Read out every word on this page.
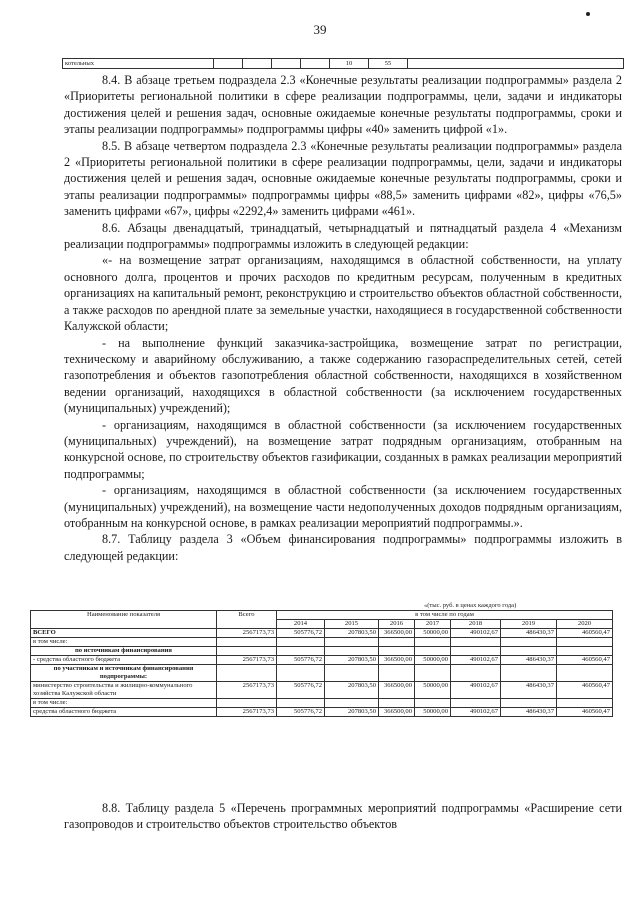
39
котельных					10	55	

8.4. В абзаце третьем подраздела 2.3 «Конечные результаты реализации подпрограммы» раздела 2 «Приоритеты региональной политики в сфере реализации подпрограммы, цели, задачи и индикаторы достижения целей и решения задач, основные ожидаемые конечные результаты подпрограммы, сроки и этапы реализации подпрограммы» подпрограммы цифры «40» заменить цифрой «1».

8.5. В абзаце четвертом подраздела 2.3 «Конечные результаты реализации подпрограммы» раздела 2 «Приоритеты региональной политики в сфере реализации подпрограммы, цели, задачи и индикаторы достижения целей и решения задач, основные ожидаемые конечные результаты подпрограммы, сроки и этапы реализации подпрограммы» подпрограммы цифры «88,5» заменить цифрами «82», цифры «76,5» заменить цифрами «67», цифры «2292,4» заменить цифрами «461».

8.6. Абзацы двенадцатый, тринадцатый, четырнадцатый и пятнадцатый раздела 4 «Механизм реализации подпрограммы» подпрограммы изложить в следующей редакции:

«- на возмещение затрат организациям, находящимся в областной собственности, на уплату основного долга, процентов и прочих расходов по кредитным ресурсам, полученным в кредитных организациях на капитальный ремонт, реконструкцию и строительство объектов областной собственности, а также расходов по арендной плате за земельные участки, находящиеся в государственной собственности Калужской области;

- на выполнение функций заказчика-застройщика, возмещение затрат по регистрации, техническому и аварийному обслуживанию, а также содержанию газораспределительных сетей, сетей газопотребления и объектов газопотребления областной собственности, находящихся в хозяйственном ведении организаций, находящихся в областной собственности (за исключением государственных (муниципальных) учреждений);

- организациям, находящимся в областной собственности (за исключением государственных (муниципальных) учреждений), на возмещение затрат подрядным организациям, отобранным на конкурсной основе, по строительству объектов газификации, созданных в рамках реализации мероприятий подпрограммы;

- организациям, находящимся в областной собственности (за исключением государственных (муниципальных) учреждений), на возмещение части недополученных доходов подрядным организациям, отобранным на конкурсной основе, в рамках реализации мероприятий подпрограммы.».

8.7. Таблицу раздела 3 «Объем финансирования подпрограммы» подпрограммы изложить в следующей редакции:

«(тыс. руб. в ценах каждого года)
Наименование показателя	Всего	в том числе по годам						
		2014	2015	2016	2017	2018	2019	2020
ВСЕГО	2567173,73	505776,72	207803,50	366500,00	50000,00	490102,67	486430,37	460560,47
в том числе:								
по источникам финансирования								
- средства областного бюджета	2567173,73	505776,72	207803,50	366500,00	50000,00	490102,67	486430,37	460560,47
по участникам и источникам финансирования подпрограммы:								
министерство строительства и жилищно-коммунального хозяйства Калужской области	2567173,73	505776,72	207803,50	366500,00	50000,00	490102,67	486430,37	460560,47
в том числе:								
средства областного бюджета	2567173,73	505776,72	207803,50	366500,00	50000,00	490102,67	486430,37	460560,47

8.8. Таблицу раздела 5 «Перечень программных мероприятий подпрограммы «Расширение сети газопроводов и строительство объектов строительство объектов
